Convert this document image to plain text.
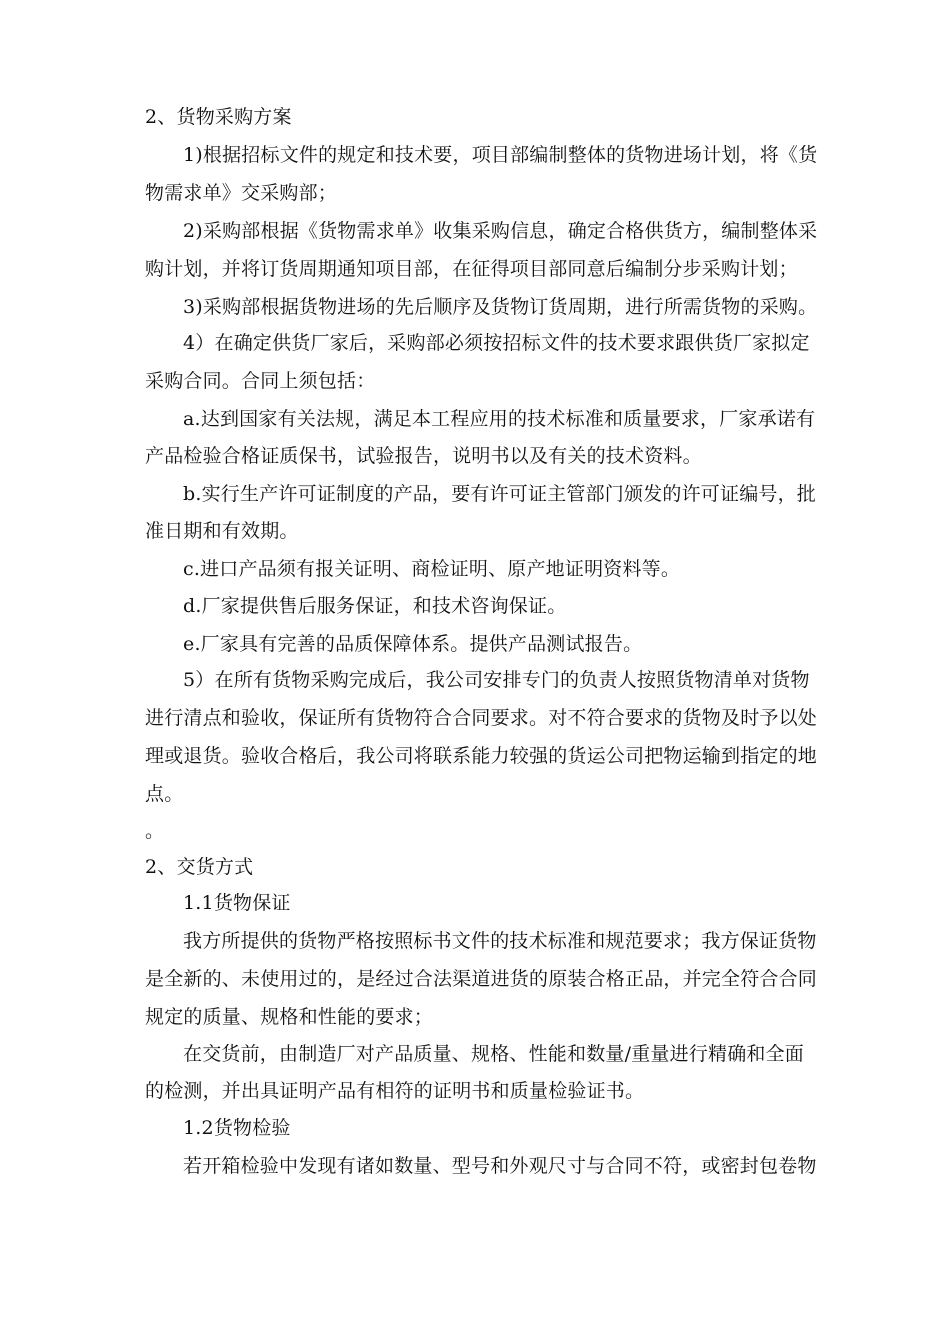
2、货物采购方案
1)根据招标文件的规定和技术要，项目部编制整体的货物进场计划，将《货
物需求单》交采购部；
2)采购部根据《货物需求单》收集采购信息，确定合格供货方，编制整体采
购计划，并将订货周期通知项目部，在征得项目部同意后编制分步采购计划；
3)采购部根据货物进场的先后顺序及货物订货周期，进行所需货物的采购。
4）在确定供货厂家后，采购部必须按招标文件的技术要求跟供货厂家拟定
采购合同。合同上须包括：
a.达到国家有关法规，满足本工程应用的技术标准和质量要求，厂家承诺有
产品检验合格证质保书，试验报告，说明书以及有关的技术资料。
b.实行生产许可证制度的产品，要有许可证主管部门颁发的许可证编号，批
准日期和有效期。
c.进口产品须有报关证明、商检证明、原产地证明资料等。
d.厂家提供售后服务保证，和技术咨询保证。
e.厂家具有完善的品质保障体系。提供产品测试报告。
5）在所有货物采购完成后，我公司安排专门的负责人按照货物清单对货物
进行清点和验收，保证所有货物符合合同要求。对不符合要求的货物及时予以处
理或退货。验收合格后，我公司将联系能力较强的货运公司把物运输到指定的地
点。
。
2、交货方式
1.1货物保证
我方所提供的货物严格按照标书文件的技术标准和规范要求；我方保证货物
是全新的、未使用过的，是经过合法渠道进货的原装合格正品，并完全符合合同
规定的质量、规格和性能的要求；
在交货前，由制造厂对产品质量、规格、性能和数量/重量进行精确和全面
的检测，并出具证明产品有相符的证明书和质量检验证书。
1.2货物检验
若开箱检验中发现有诸如数量、型号和外观尺寸与合同不符，或密封包卷物
